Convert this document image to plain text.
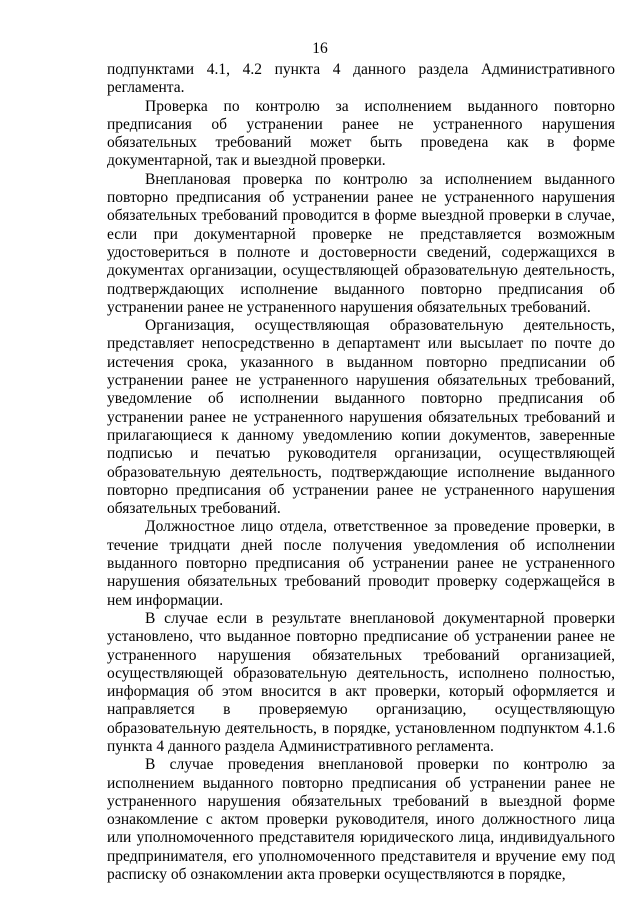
16

подпунктами 4.1, 4.2 пункта 4 данного раздела Административного регламента.

Проверка по контролю за исполнением выданного повторно предписания об устранении ранее не устраненного нарушения обязательных требований может быть проведена как в форме документарной, так и выездной проверки.

Внеплановая проверка по контролю за исполнением выданного повторно предписания об устранении ранее не устраненного нарушения обязательных требований проводится в форме выездной проверки в случае, если при документарной проверке не представляется возможным удостовериться в полноте и достоверности сведений, содержащихся в документах организации, осуществляющей образовательную деятельность, подтверждающих исполнение выданного повторно предписания об устранении ранее не устраненного нарушения обязательных требований.

Организация, осуществляющая образовательную деятельность, представляет непосредственно в департамент или высылает по почте до истечения срока, указанного в выданном повторно предписании об устранении ранее не устраненного нарушения обязательных требований, уведомление об исполнении выданного повторно предписания об устранении ранее не устраненного нарушения обязательных требований и прилагающиеся к данному уведомлению копии документов, заверенные подписью и печатью руководителя организации, осуществляющей образовательную деятельность, подтверждающие исполнение выданного повторно предписания об устранении ранее не устраненного нарушения обязательных требований.

Должностное лицо отдела, ответственное за проведение проверки, в течение тридцати дней после получения уведомления об исполнении выданного повторно предписания об устранении ранее не устраненного нарушения обязательных требований проводит проверку содержащейся в нем информации.

В случае если в результате внеплановой документарной проверки установлено, что выданное повторно предписание об устранении ранее не устраненного нарушения обязательных требований организацией, осуществляющей образовательную деятельность, исполнено полностью, информация об этом вносится в акт проверки, который оформляется и направляется в проверяемую организацию, осуществляющую образовательную деятельность, в порядке, установленном подпунктом 4.1.6 пункта 4 данного раздела Административного регламента.

В случае проведения внеплановой проверки по контролю за исполнением выданного повторно предписания об устранении ранее не устраненного нарушения обязательных требований в выездной форме ознакомление с актом проверки руководителя, иного должностного лица или уполномоченного представителя юридического лица, индивидуального предпринимателя, его уполномоченного представителя и вручение ему под расписку об ознакомлении акта проверки осуществляются в порядке,
